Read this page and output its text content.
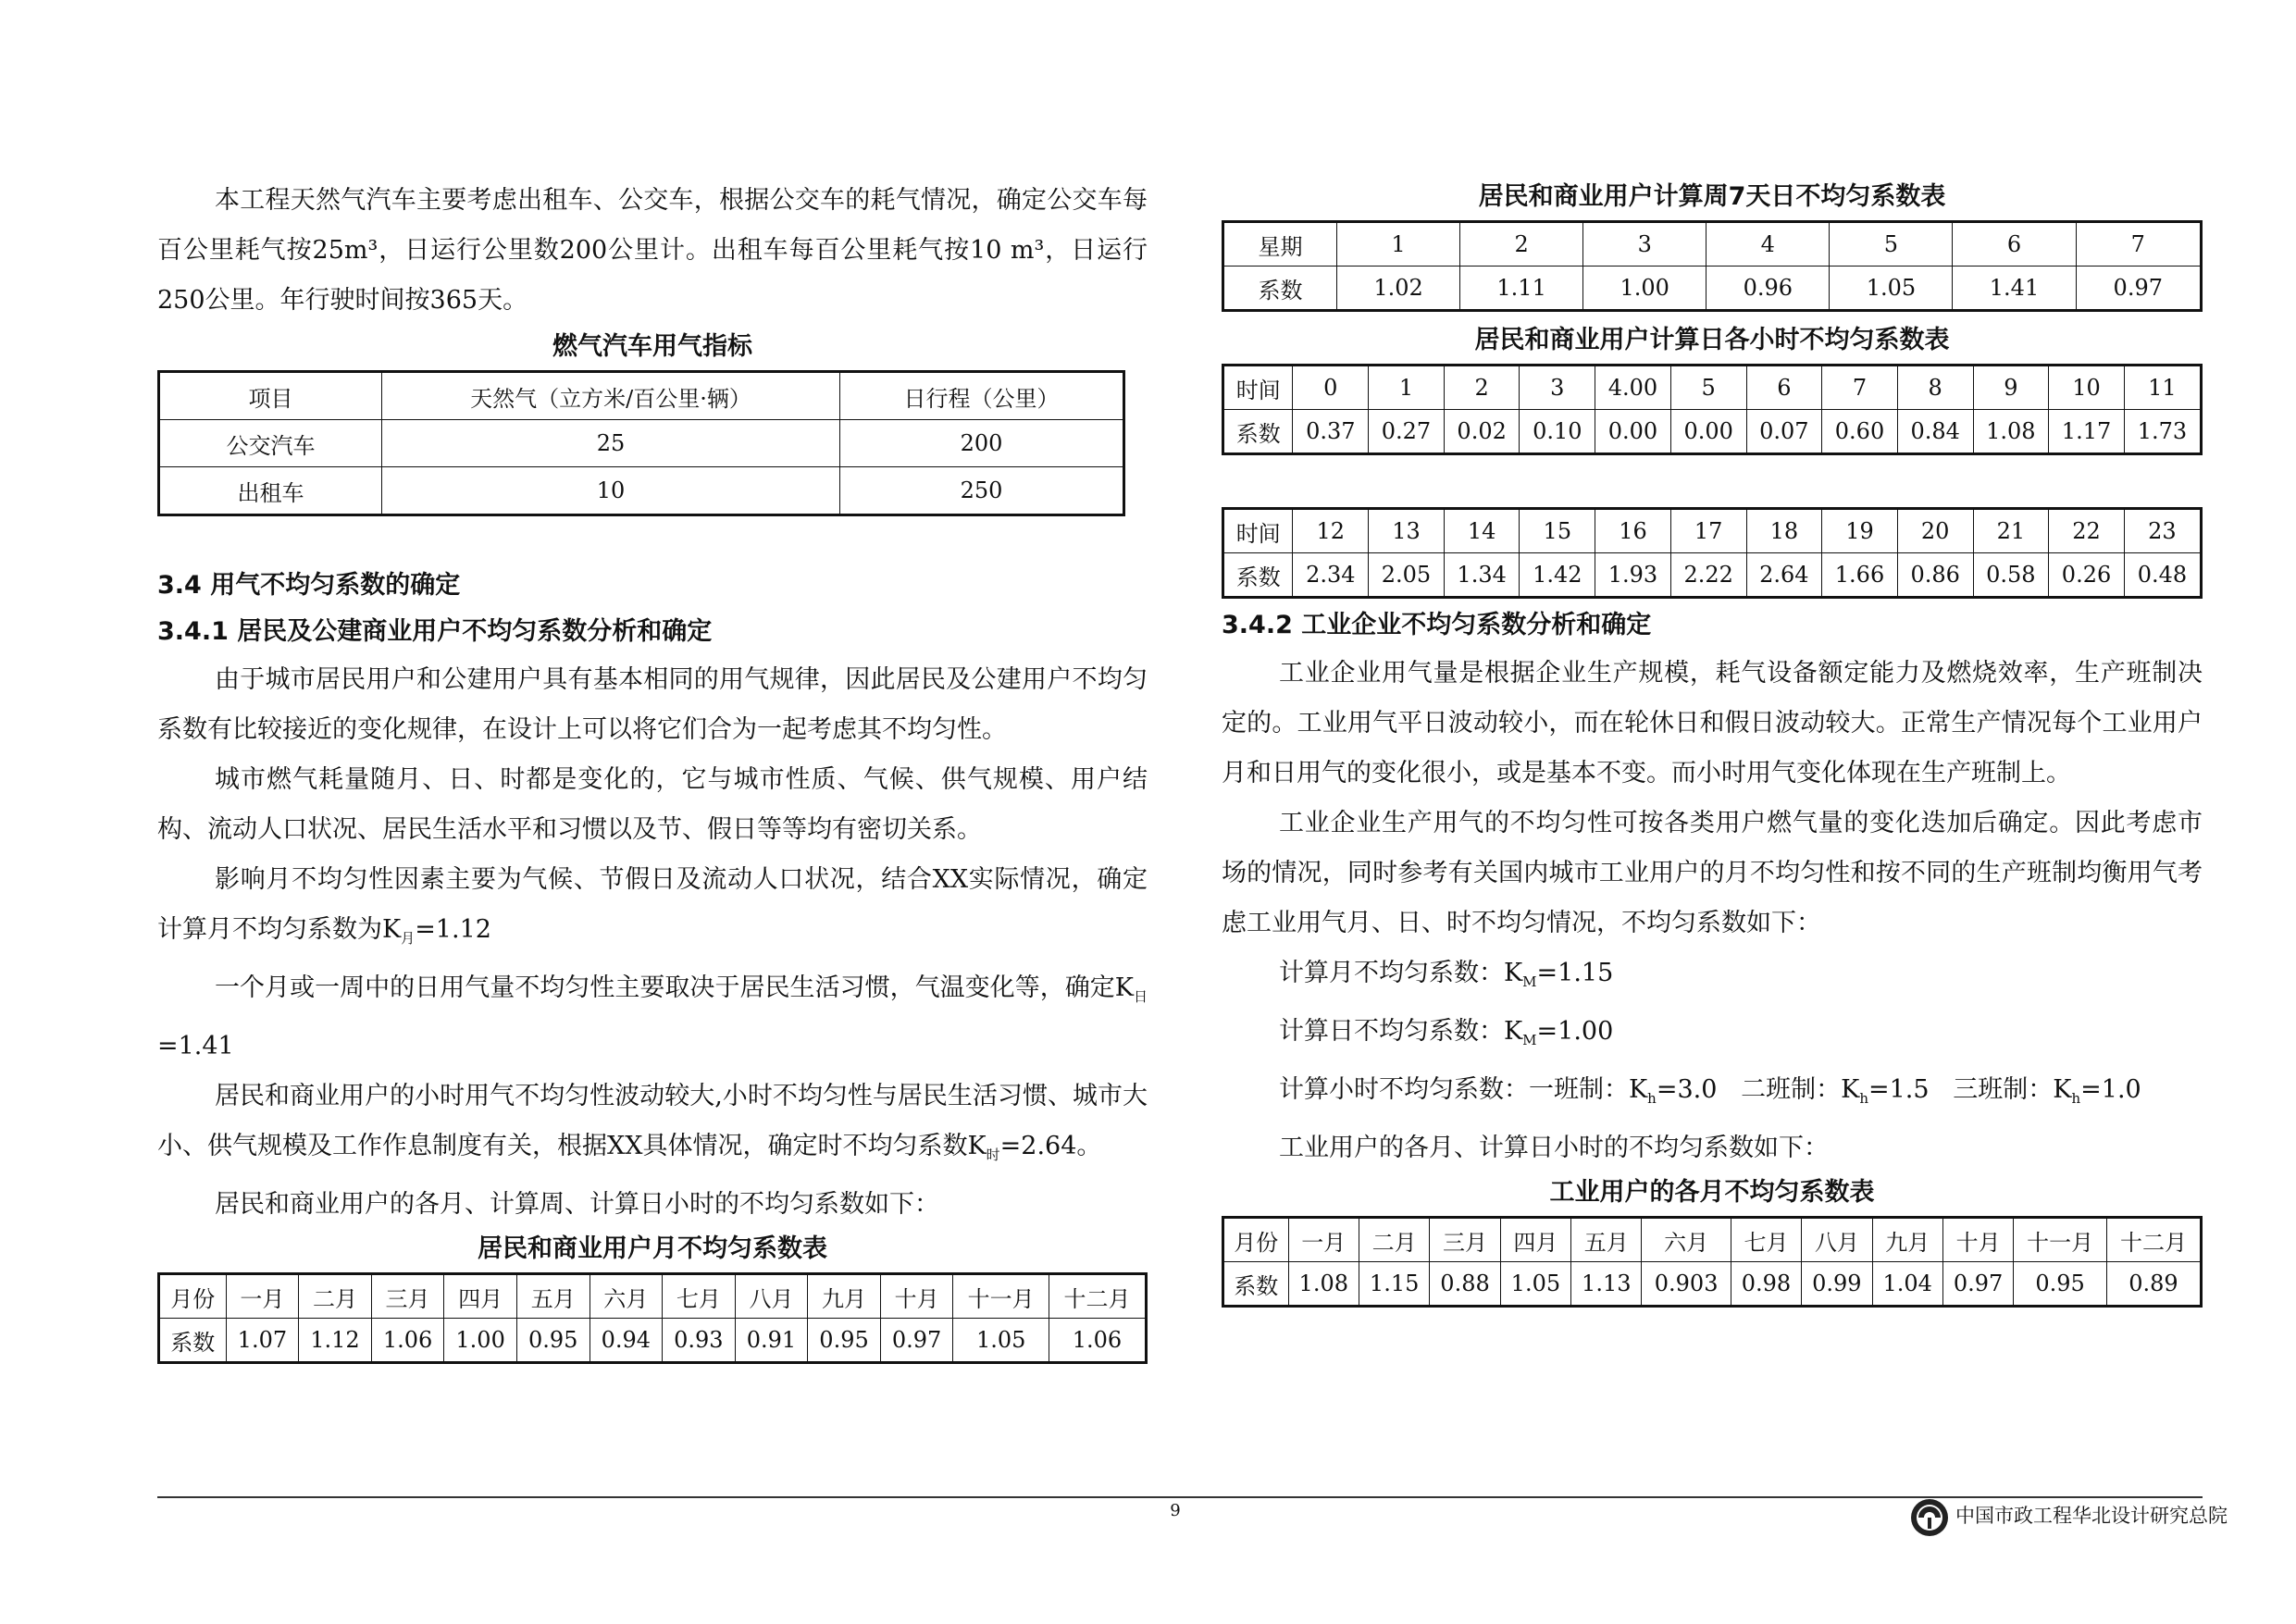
本工程天然气汽车主要考虑出租车、公交车，根据公交车的耗气情况，确定公交车每百公里耗气按25m³，日运行公里数200公里计。出租车每百公里耗气按10 m³，日运行250公里。年行驶时间按365天。

燃气汽车用气指标
项目	天然气（立方米/百公里·辆）	日行程（公里）
公交汽车	25	200
出租车	10	250

3.4 用气不均匀系数的确定

3.4.1 居民及公建商业用户不均匀系数分析和确定

由于城市居民用户和公建用户具有基本相同的用气规律，因此居民及公建用户不均匀系数有比较接近的变化规律，在设计上可以将它们合为一起考虑其不均匀性。

城市燃气耗量随月、日、时都是变化的，它与城市性质、气候、供气规模、用户结构、流动人口状况、居民生活水平和习惯以及节、假日等等均有密切关系。

影响月不均匀性因素主要为气候、节假日及流动人口状况，结合XX实际情况，确定计算月不均匀系数为$K_月=1.12$

一个月或一周中的日用气量不均匀性主要取决于居民生活习惯，气温变化等，确定$K_日=1.41$

居民和商业用户的小时用气不均匀性波动较大,小时不均匀性与居民生活习惯、城市大小、供气规模及工作作息制度有关，根据XX具体情况，确定时不均匀系数$K_时=2.64$。

居民和商业用户的各月、计算周、计算日小时的不均匀系数如下：

居民和商业用户月不均匀系数表
月份	一月	二月	三月	四月	五月	六月	七月	八月	九月	十月	十一月	十二月
系数	1.07	1.12	1.06	1.00	0.95	0.94	0.93	0.91	0.95	0.97	1.05	1.06
居民和商业用户计算周7天日不均匀系数表
星期	1	2	3	4	5	6	7
系数	1.02	1.11	1.00	0.96	1.05	1.41	0.97
居民和商业用户计算日各小时不均匀系数表
时间	0	1	2	3	4.00	5	6	7	8	9	10	11
系数	0.37	0.27	0.02	0.10	0.00	0.00	0.07	0.60	0.84	1.08	1.17	1.73
时间	12	13	14	15	16	17	18	19	20	21	22	23
系数	2.34	2.05	1.34	1.42	1.93	2.22	2.64	1.66	0.86	0.58	0.26	0.48

3.4.2 工业企业不均匀系数分析和确定

工业企业用气量是根据企业生产规模，耗气设备额定能力及燃烧效率，生产班制决定的。工业用气平日波动较小，而在轮休日和假日波动较大。正常生产情况每个工业用户月和日用气的变化很小，或是基本不变。而小时用气变化体现在生产班制上。

工业企业生产用气的不均匀性可按各类用户燃气量的变化迭加后确定。因此考虑市场的情况，同时参考有关国内城市工业用户的月不均匀性和按不同的生产班制均衡用气考虑工业用气月、日、时不均匀情况，不均匀系数如下：

计算月不均匀系数：$K_M=1.15$

计算日不均匀系数：$K_M=1.00$

计算小时不均匀系数：一班制：$K_h=3.0$   二班制：$K_h=1.5$   三班制：$K_h=1.0$

工业用户的各月、计算日小时的不均匀系数如下：

工业用户的各月不均匀系数表
月份	一月	二月	三月	四月	五月	六月	七月	八月	九月	十月	十一月	十二月
系数	1.08	1.15	0.88	1.05	1.13	0.903	0.98	0.99	1.04	0.97	0.95	0.89
9	中国市政工程华北设计研究总院
